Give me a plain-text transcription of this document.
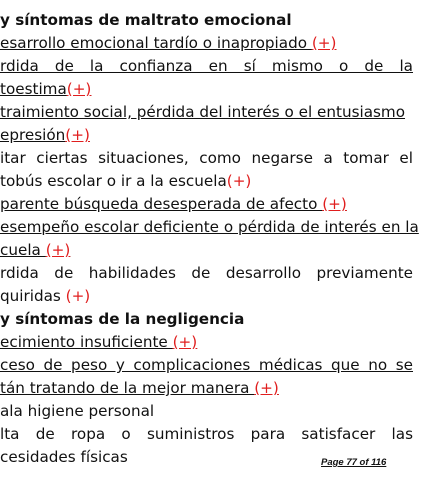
y síntomas de maltrato emocional
esarrollo emocional tardío o inapropiado (+)
rdida de la confianza en sí mismo o de la
toestima(+)
traimiento social, pérdida del interés o el entusiasmo
epresión(+)
itar ciertas situaciones, como negarse a tomar el
tobús escolar o ir a la escuela(+)
parente búsqueda desesperada de afecto (+)
esempeño escolar deficiente o pérdida de interés en la
cuela (+)
rdida de habilidades de desarrollo previamente
quiridas (+)
y síntomas de la negligencia
ecimiento insuficiente (+)
ceso de peso y complicaciones médicas que no se
tán tratando de la mejor manera (+)
ala higiene personal
lta de ropa o suministros para satisfacer las
cesidades físicas	Page 77 of 116
